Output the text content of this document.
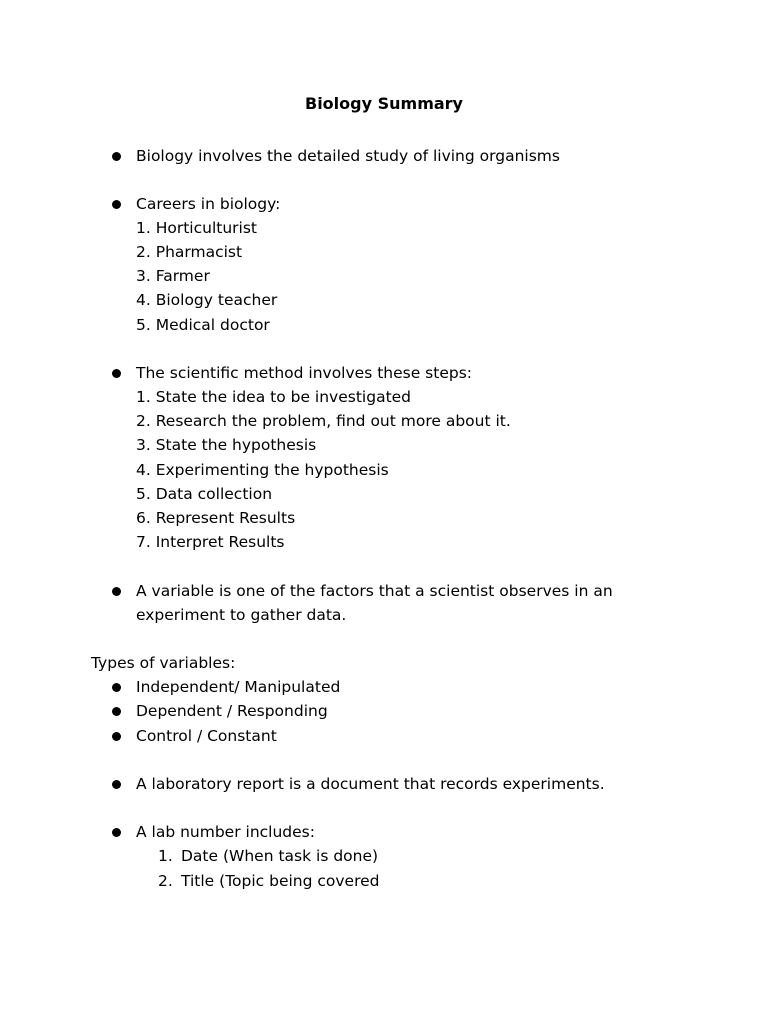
Biology Summary
Biology involves the detailed study of living organisms
Careers in biology:
1. Horticulturist
2. Pharmacist
3. Farmer
4. Biology teacher
5. Medical doctor
The scientific method involves these steps:
1. State the idea to be investigated
2. Research the problem, find out more about it.
3. State the hypothesis
4. Experimenting the hypothesis
5. Data collection
6. Represent Results
7. Interpret Results
A variable is one of the factors that a scientist observes in an
experiment to gather data.
Types of variables:
Independent/ Manipulated
Dependent / Responding
Control / Constant
A laboratory report is a document that records experiments.
A lab number includes:
1. Date (When task is done)
2. Title (Topic being covered
